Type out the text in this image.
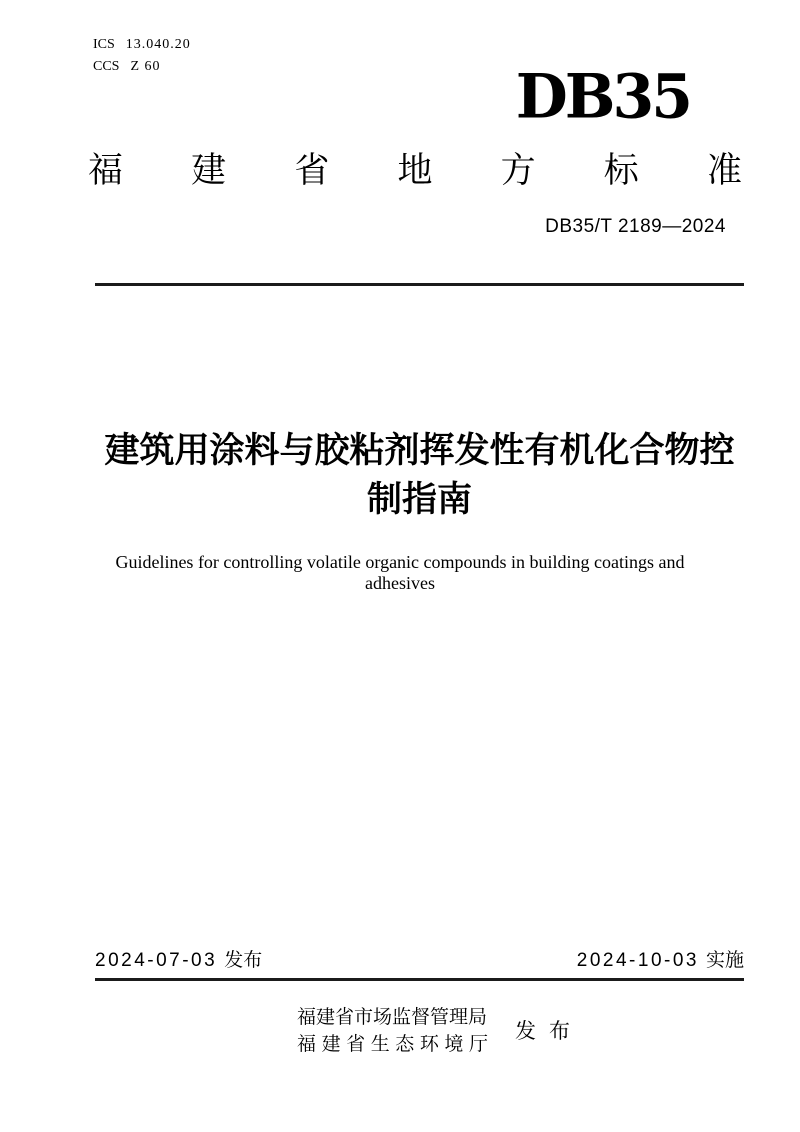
ICS 13.040.20
CCS Z 60	DB35
福 建 省 地 方 标 准
DB35/T 2189—2024
建筑用涂料与胶粘剂挥发性有机化合物控制指南
Guidelines for controlling volatile organic compounds in building coatings and adhesives
2024-07-03 发布	2024-10-03 实施
福建省市场监督管理局
福 建 省 生 态 环 境 厅
发 布
